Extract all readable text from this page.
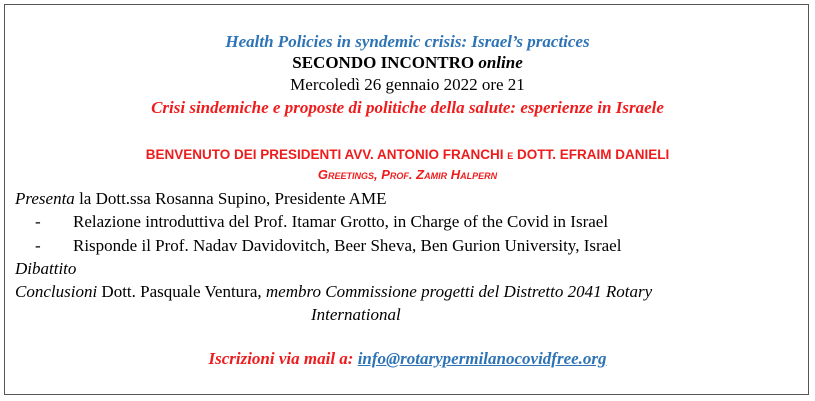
Health Policies in syndemic crisis: Israel’s practices
SECONDO INCONTRO online
Mercoledì 26 gennaio 2022 ore 21
Crisi sindemiche e proposte di politiche della salute: esperienze in Israele
BENVENUTO DEI PRESIDENTI AVV. ANTONIO FRANCHI E DOTT. EFRAIM DANIELI
Greetings, Prof. Zamir Halpern
Presenta la Dott.ssa Rosanna Supino, Presidente AME
- Relazione introduttiva del Prof. Itamar Grotto, in Charge of the Covid in Israel
- Risponde il Prof. Nadav Davidovitch, Beer Sheva, Ben Gurion University, Israel
Dibattito
Conclusioni Dott. Pasquale Ventura, membro Commissione progetti del Distretto 2041 Rotary
International
Iscrizioni via mail a: info@rotarypermilanocovidfree.org
